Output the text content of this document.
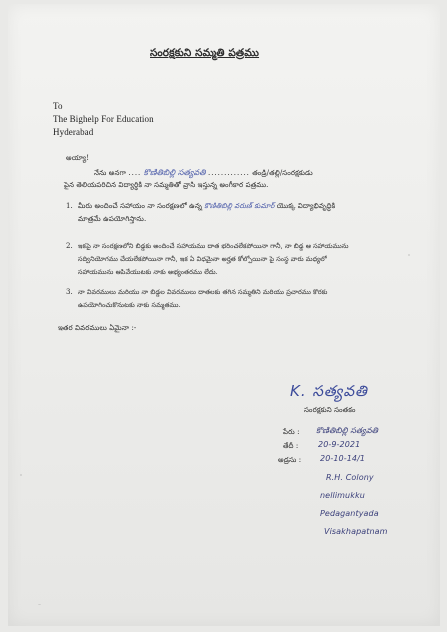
సంరక్షకుని సమ్మతి పత్రము
To
The Bighelp For Education
Hyderabad
అయ్యా!
నేను అనగా .... కొణితిబిల్లి సత్యవతి ............. తండ్రి/తల్లి/సంరక్షకుడు
పైన తెలియపరిచిన విద్యార్థికి నా సమ్మతితో వ్రాసి ఇస్తున్న అంగీకార పత్రము.
1. మీరు అందించే సహాయం నా సంరక్షణలో ఉన్న కొణితిబిల్లి వరుణ్ కుమార్ యొక్క విద్యాభివృద్ధికి
మాత్రమే ఉపయోగిస్తాను.
2. ఇకపై నా సంరక్షణలోని బిడ్డకు అందించే సహాయము దాత భరించలేకపోయినా గానీ, నా బిడ్డ ఆ సహాయమును
సద్వినియోగము చేయలేకపోయినా గానీ, ఇక ఏ విధమైనా అర్హత కోల్పోయినా పై సంస్థ వారు మధ్యలో
సహాయమును ఆపివేయుటకు నాకు అభ్యంతరము లేదు.
3. నా వివరములు మరియు నా బిడ్డల వివరములు దాతలకు తగిన సమ్మతిని మరియు ప్రచారము కొరకు
ఉపయోగించుకొనుటకు నాకు సమ్మతము.
ఇతర వివరములు ఏమైనా :-
K. సత్యవతి
సంరక్షకుని సంతకం
పేరు : కొణితిబిల్లి సత్యవతి
తేదీ : 20-9-2021
అడ్రసు : 20-10-14/1
R.H. Colony
nellimukku
Pedagantyada
Visakhapatnam
